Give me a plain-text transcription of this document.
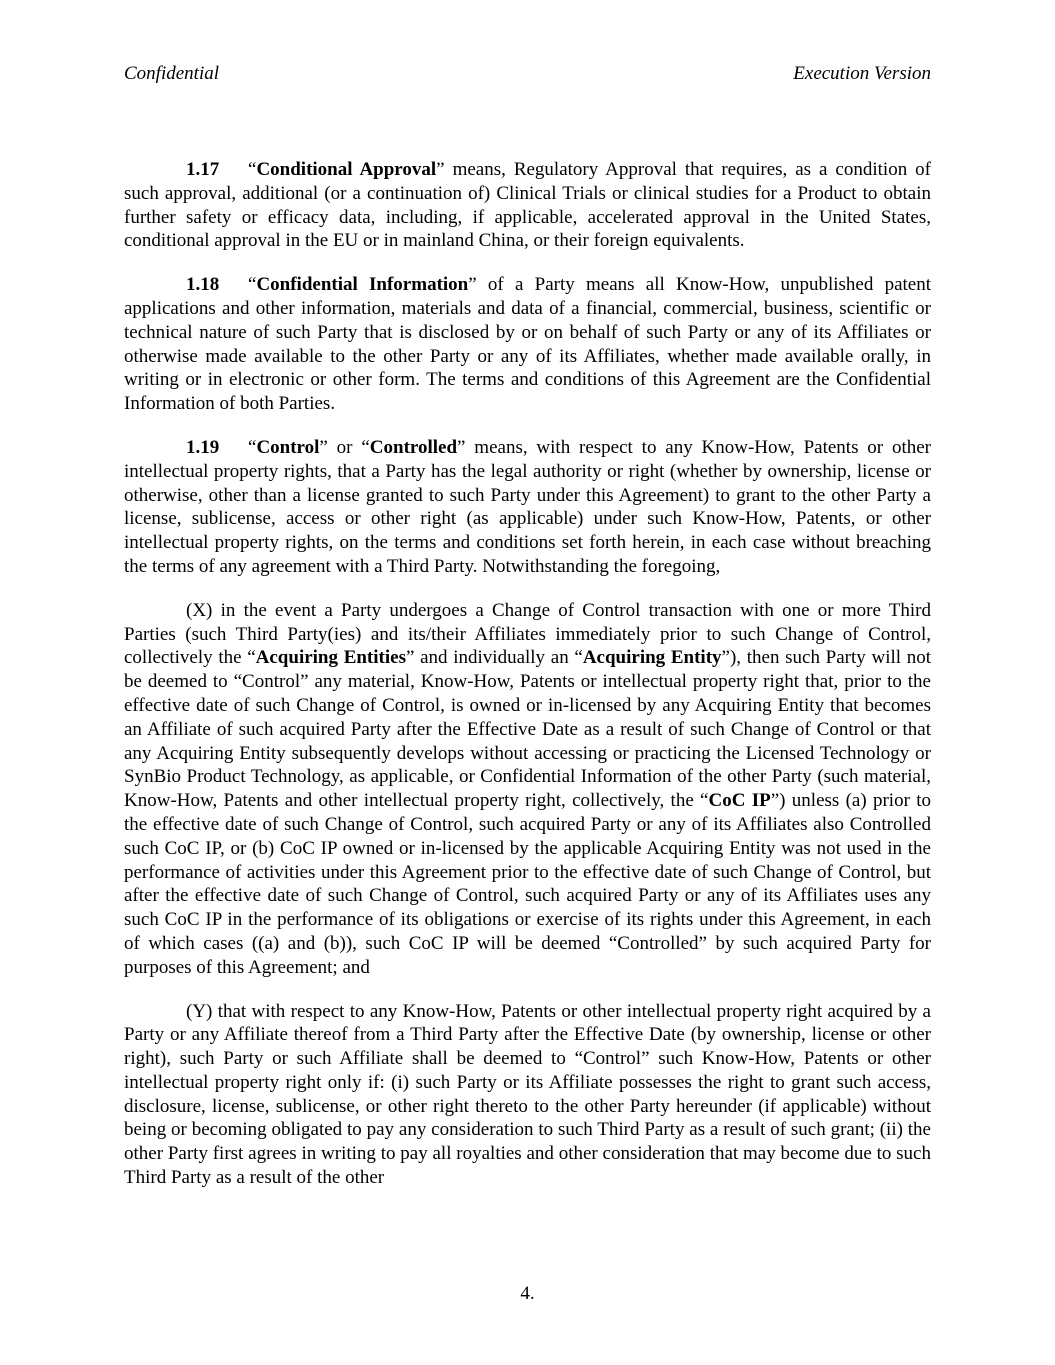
Confidential	Execution Version

1.17 “Conditional Approval” means, Regulatory Approval that requires, as a condition of such approval, additional (or a continuation of) Clinical Trials or clinical studies for a Product to obtain further safety or efficacy data, including, if applicable, accelerated approval in the United States, conditional approval in the EU or in mainland China, or their foreign equivalents.

1.18 “Confidential Information” of a Party means all Know-How, unpublished patent applications and other information, materials and data of a financial, commercial, business, scientific or technical nature of such Party that is disclosed by or on behalf of such Party or any of its Affiliates or otherwise made available to the other Party or any of its Affiliates, whether made available orally, in writing or in electronic or other form. The terms and conditions of this Agreement are the Confidential Information of both Parties.

1.19 “Control” or “Controlled” means, with respect to any Know-How, Patents or other intellectual property rights, that a Party has the legal authority or right (whether by ownership, license or otherwise, other than a license granted to such Party under this Agreement) to grant to the other Party a license, sublicense, access or other right (as applicable) under such Know-How, Patents, or other intellectual property rights, on the terms and conditions set forth herein, in each case without breaching the terms of any agreement with a Third Party. Notwithstanding the foregoing,

(X) in the event a Party undergoes a Change of Control transaction with one or more Third Parties (such Third Party(ies) and its/their Affiliates immediately prior to such Change of Control, collectively the “Acquiring Entities” and individually an “Acquiring Entity”), then such Party will not be deemed to “Control” any material, Know-How, Patents or intellectual property right that, prior to the effective date of such Change of Control, is owned or in-licensed by any Acquiring Entity that becomes an Affiliate of such acquired Party after the Effective Date as a result of such Change of Control or that any Acquiring Entity subsequently develops without accessing or practicing the Licensed Technology or SynBio Product Technology, as applicable, or Confidential Information of the other Party (such material, Know-How, Patents and other intellectual property right, collectively, the “CoC IP”) unless (a) prior to the effective date of such Change of Control, such acquired Party or any of its Affiliates also Controlled such CoC IP, or (b) CoC IP owned or in-licensed by the applicable Acquiring Entity was not used in the performance of activities under this Agreement prior to the effective date of such Change of Control, but after the effective date of such Change of Control, such acquired Party or any of its Affiliates uses any such CoC IP in the performance of its obligations or exercise of its rights under this Agreement, in each of which cases ((a) and (b)), such CoC IP will be deemed “Controlled” by such acquired Party for purposes of this Agreement; and

(Y) that with respect to any Know-How, Patents or other intellectual property right acquired by a Party or any Affiliate thereof from a Third Party after the Effective Date (by ownership, license or other right), such Party or such Affiliate shall be deemed to “Control” such Know-How, Patents or other intellectual property right only if: (i) such Party or its Affiliate possesses the right to grant such access, disclosure, license, sublicense, or other right thereto to the other Party hereunder (if applicable) without being or becoming obligated to pay any consideration to such Third Party as a result of such grant; (ii) the other Party first agrees in writing to pay all royalties and other consideration that may become due to such Third Party as a result of the other

4.
